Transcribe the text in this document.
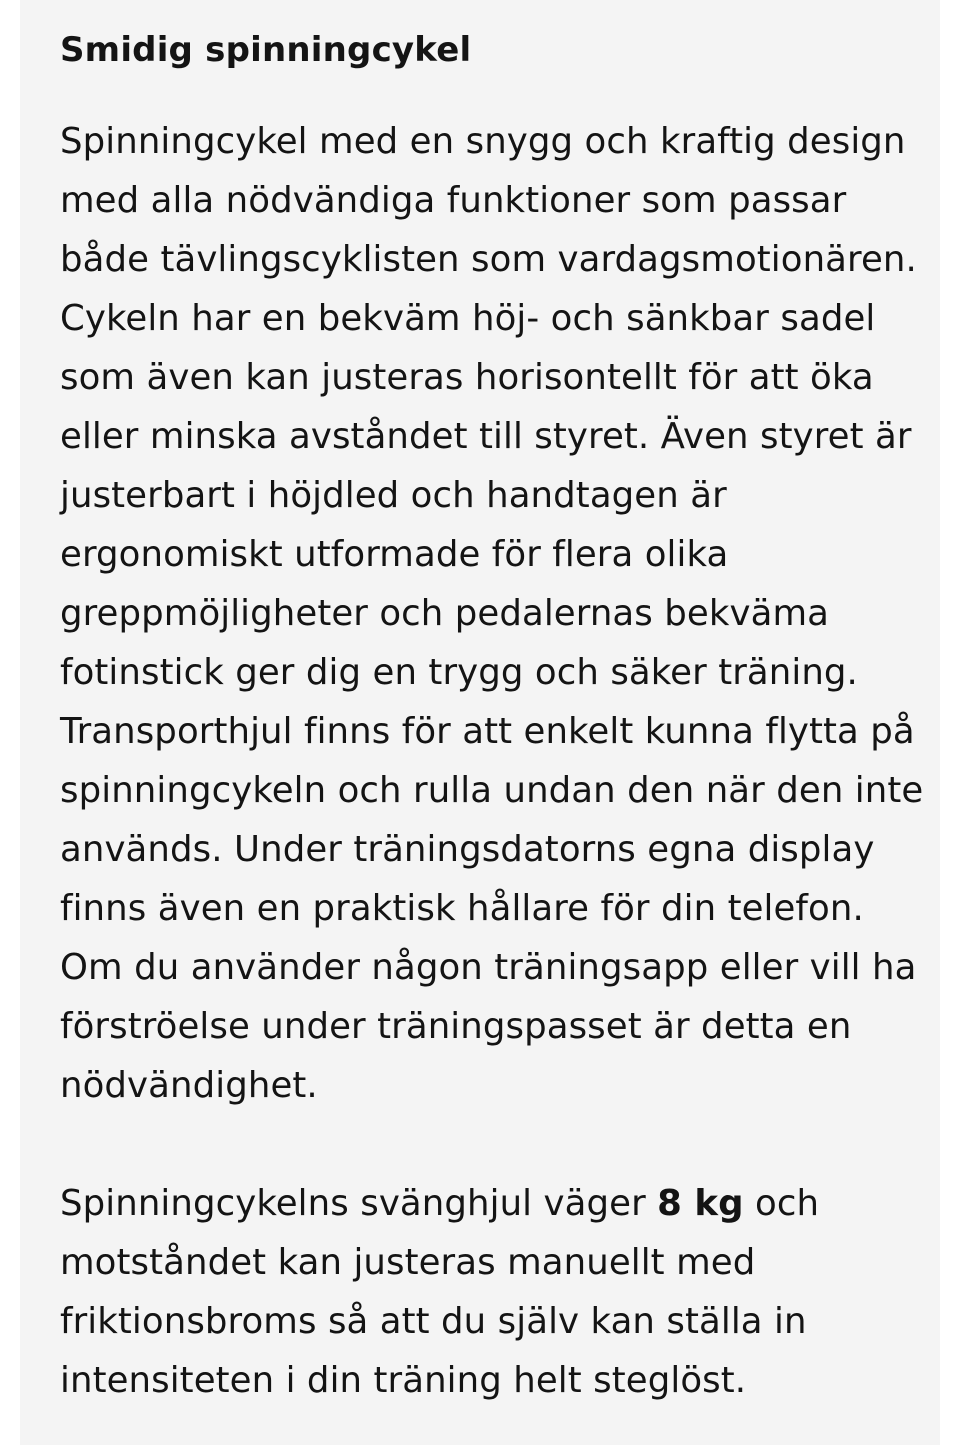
Smidig spinningcykel

Spinningcykel med en snygg och kraftig design
med alla nödvändiga funktioner som passar
både tävlingscyklisten som vardagsmotionären.
Cykeln har en bekväm höj- och sänkbar sadel
som även kan justeras horisontellt för att öka
eller minska avståndet till styret. Även styret är
justerbart i höjdled och handtagen är
ergonomiskt utformade för flera olika
greppmöjligheter och pedalernas bekväma
fotinstick ger dig en trygg och säker träning.
Transporthjul finns för att enkelt kunna flytta på
spinningcykeln och rulla undan den när den inte
används. Under träningsdatorns egna display
finns även en praktisk hållare för din telefon.
Om du använder någon träningsapp eller vill ha
förströelse under träningspasset är detta en
nödvändighet.

Spinningcykelns svänghjul väger 8 kg och
motståndet kan justeras manuellt med
friktionsbroms så att du själv kan ställa in
intensiteten i din träning helt steglöst.
